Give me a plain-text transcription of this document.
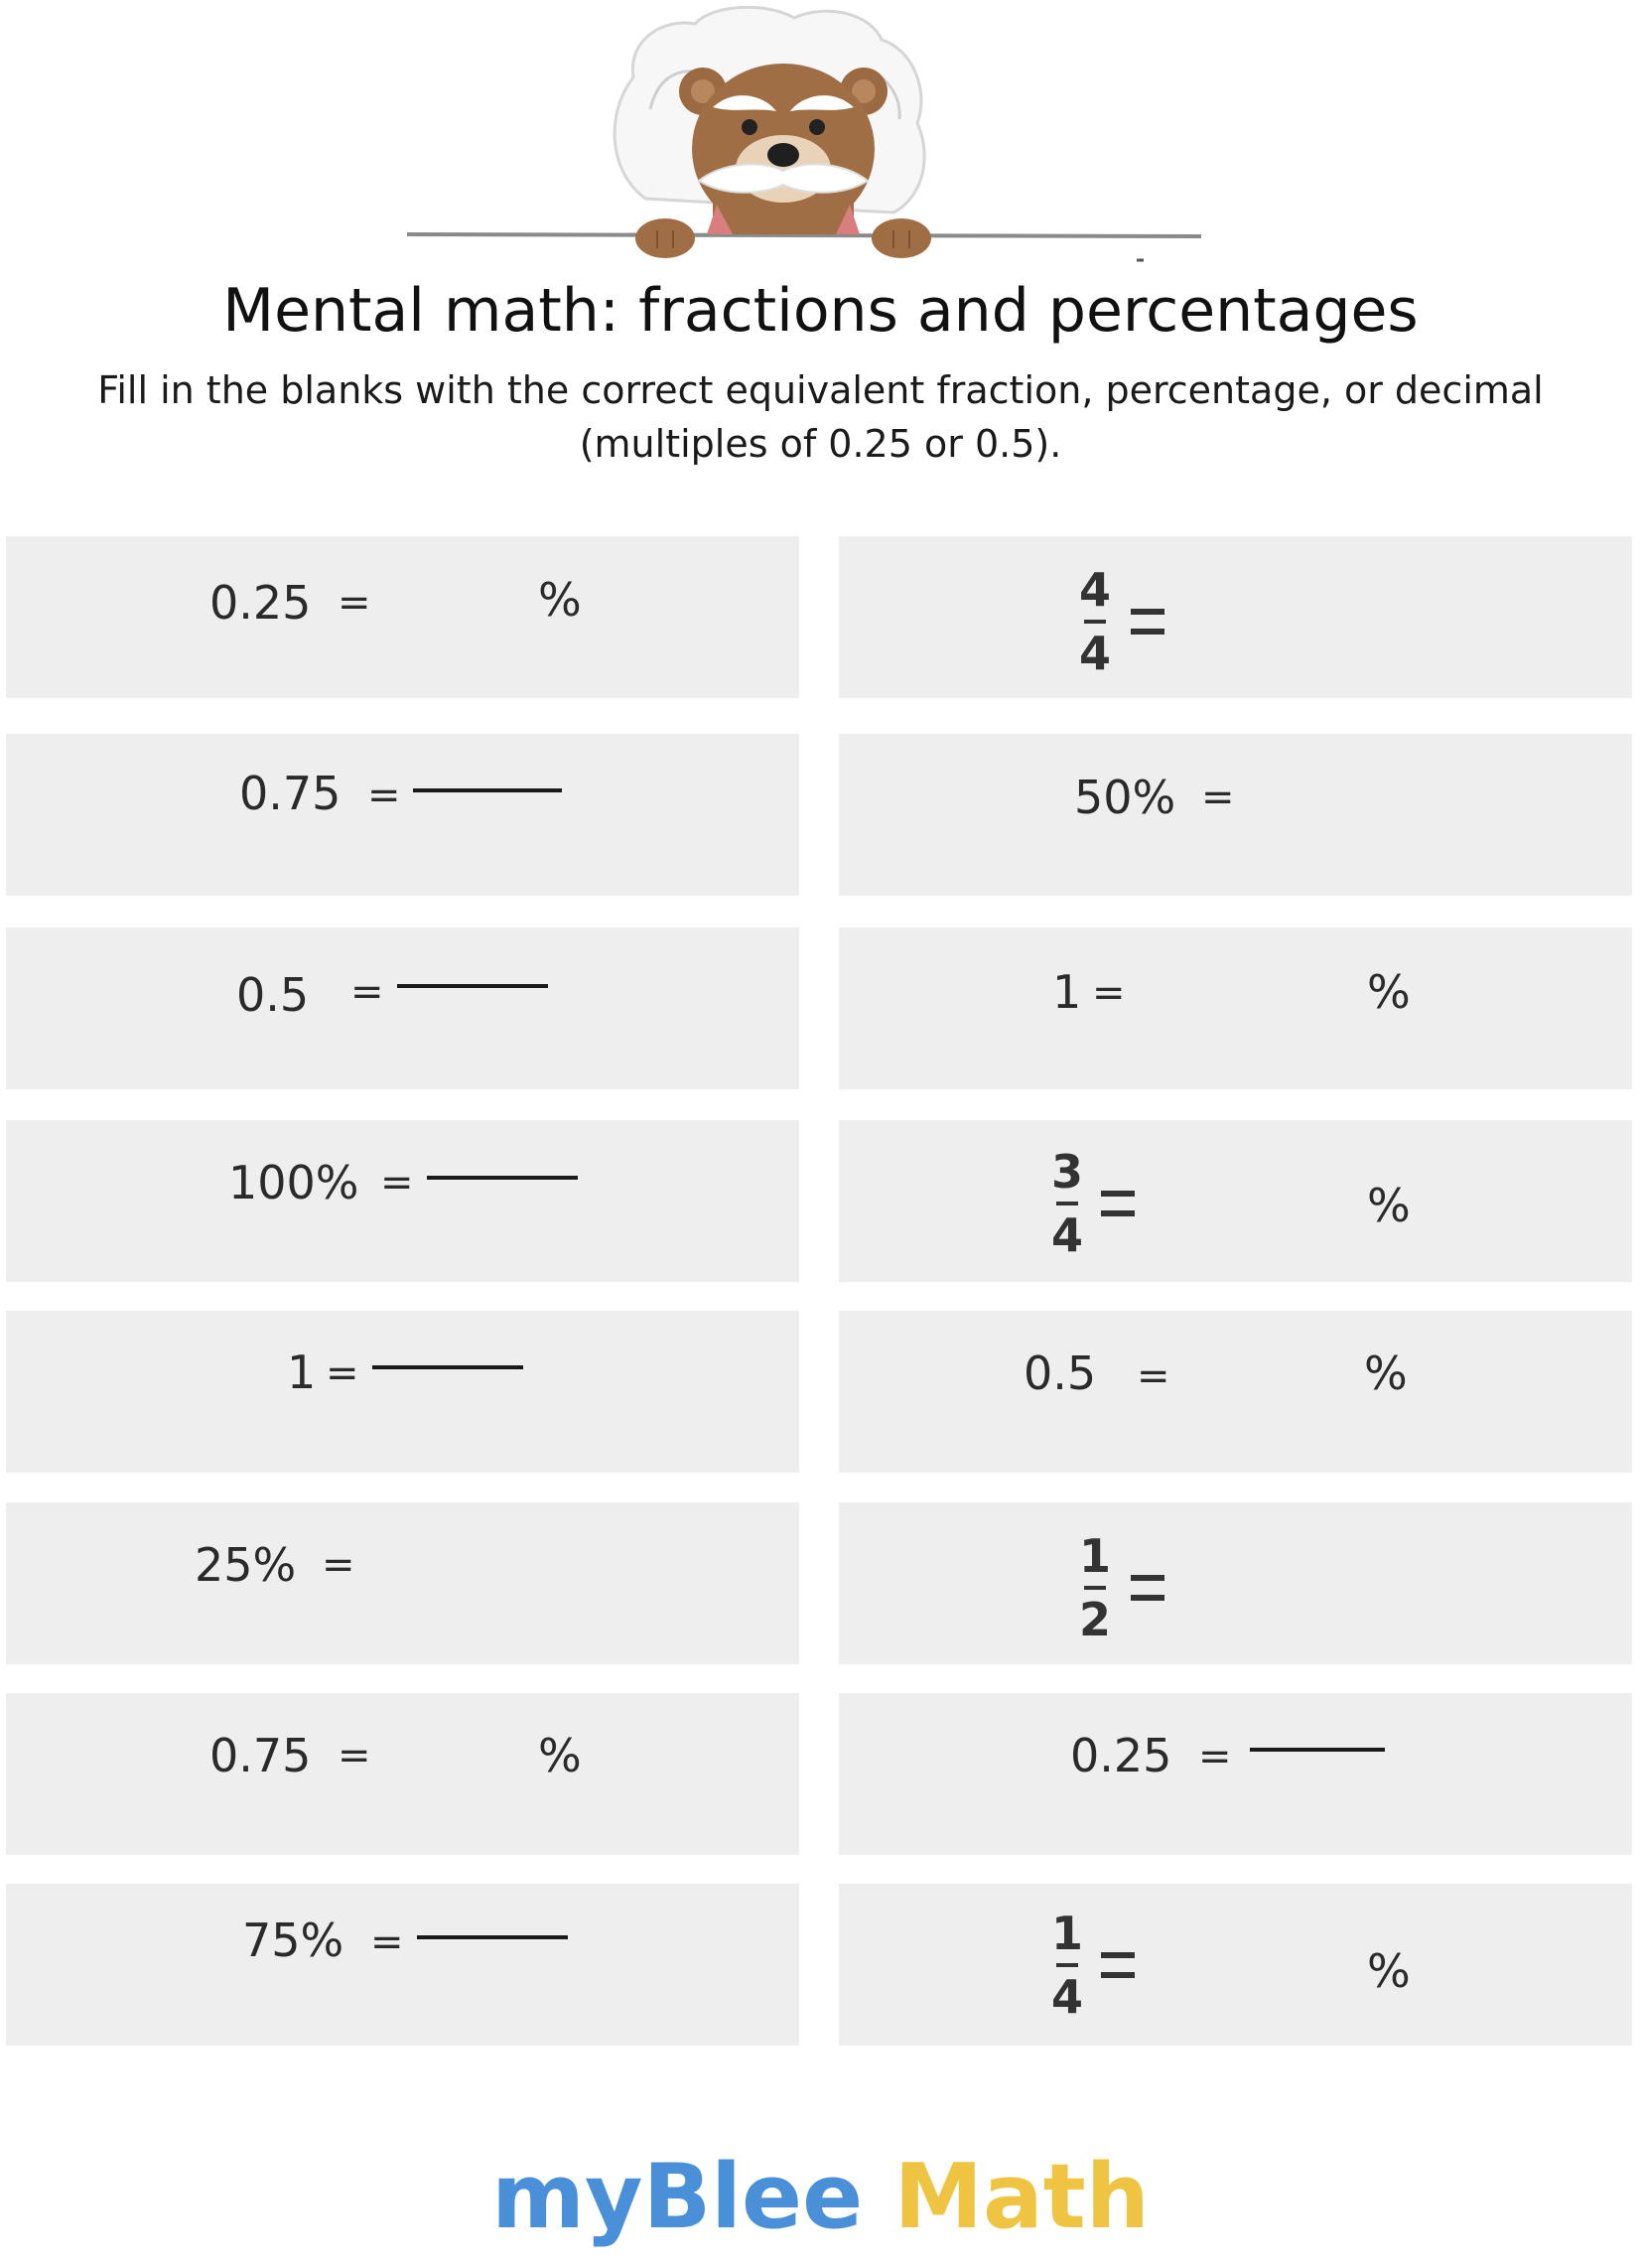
Mental math: fractions and percentages
Fill in the blanks with the correct equivalent fraction, percentage, or decimal
(multiples of 0.25 or 0.5).
0.25 =	%
0.75 =
0.5 =
100% =
1 =
25% =
0.75 =	%
75% =
4
4
50% =
1 =	%
3
4
%
0.5 =	%
1
2
0.25 =
1
4	%
myBlee Math
